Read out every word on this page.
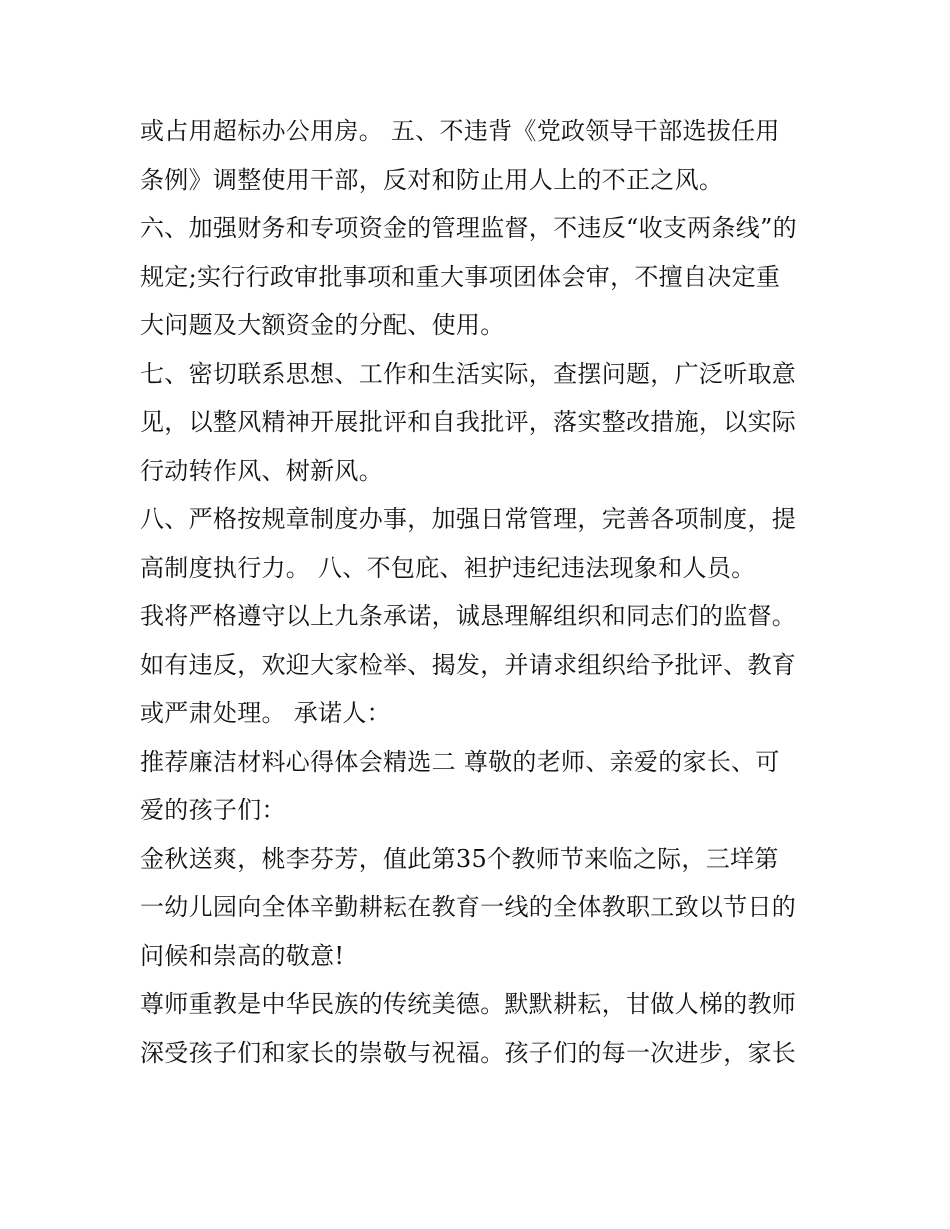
或占用超标办公用房。 五、不违背《党政领导干部选拔任用
条例》调整使用干部，反对和防止用人上的不正之风。
六、加强财务和专项资金的管理监督，不违反“收支两条线”的
规定;实行行政审批事项和重大事项团体会审，不擅自决定重
大问题及大额资金的分配、使用。
七、密切联系思想、工作和生活实际，查摆问题，广泛听取意
见，以整风精神开展批评和自我批评，落实整改措施，以实际
行动转作风、树新风。
八、严格按规章制度办事，加强日常管理，完善各项制度，提
高制度执行力。 八、不包庇、袒护违纪违法现象和人员。
我将严格遵守以上九条承诺，诚恳理解组织和同志们的监督。
如有违反，欢迎大家检举、揭发，并请求组织给予批评、教育
或严肃处理。 承诺人：
推荐廉洁材料心得体会精选二 尊敬的老师、亲爱的家长、可
爱的孩子们：
金秋送爽，桃李芬芳，值此第35个教师节来临之际，三垟第
一幼儿园向全体辛勤耕耘在教育一线的全体教职工致以节日的
问候和崇高的敬意!
尊师重教是中华民族的传统美德。默默耕耘，甘做人梯的教师
深受孩子们和家长的崇敬与祝福。孩子们的每一次进步，家长
